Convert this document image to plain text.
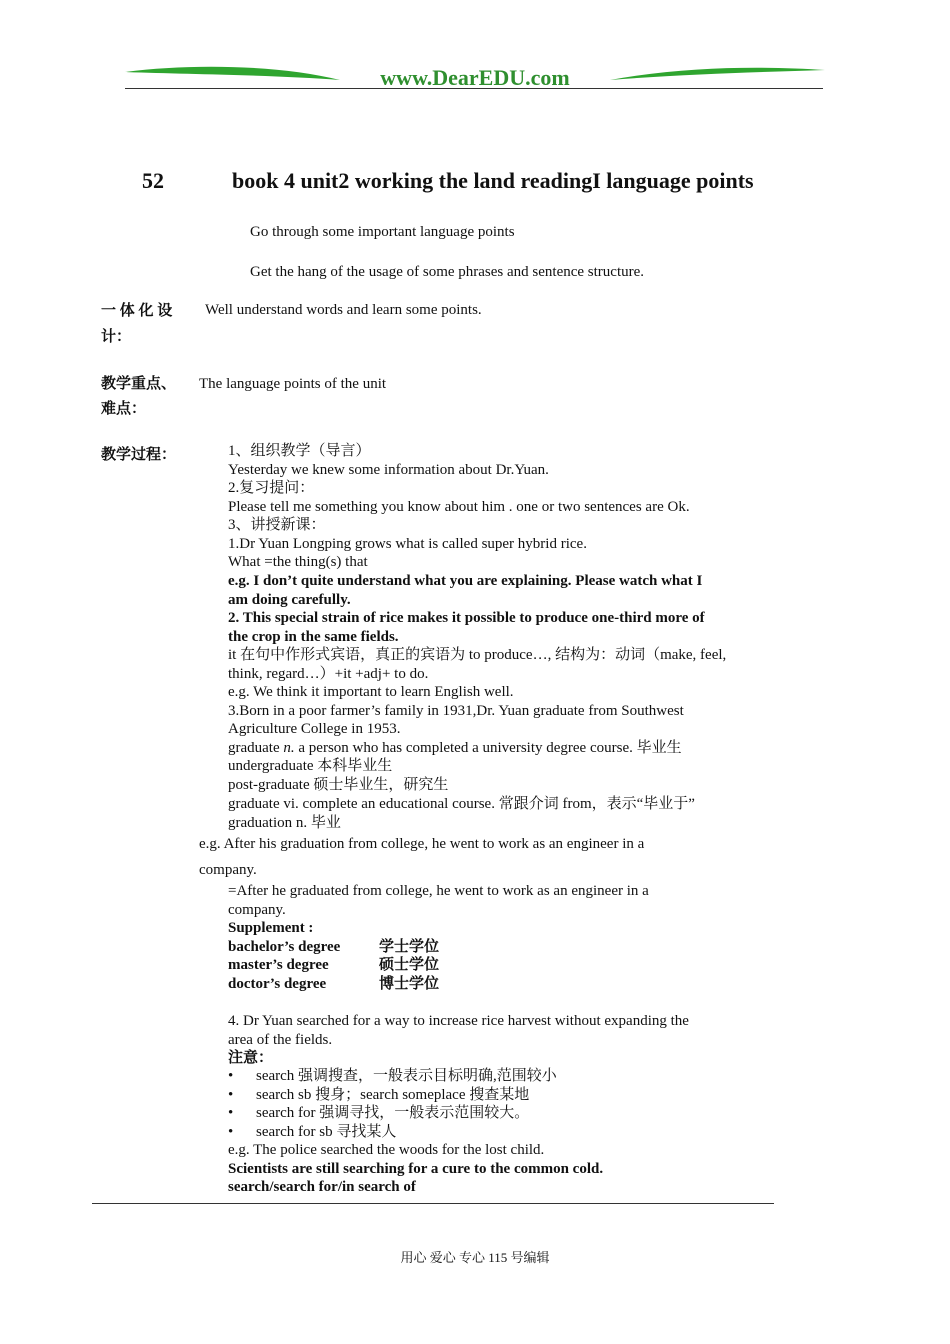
www.DearEDU.com
52	book 4 unit2 working the land readingI language points
Go through some important language points
Get the hang of the usage of some phrases and sentence structure.
一 体 化 设
计：
Well understand words and learn some points.
教学重点、
难点：
The language points of the unit
教学过程：	1、组织教学（导言）
Yesterday we knew some information about Dr.Yuan.
2.复习提问：
Please tell me something you know about him . one or two sentences are Ok.
3、讲授新课：
1.Dr Yuan Longping grows what is called super hybrid rice.
What =the thing(s) that
e.g. I don’t quite understand what you are explaining. Please watch what I
am doing carefully.
2. This special strain of rice makes it possible to produce one-third more of
the crop in the same fields.
it 在句中作形式宾语，真正的宾语为 to produce…, 结构为：动词（make, feel,
think, regard…）+it +adj+ to do.
e.g. We think it important to learn English well.
3.Born in a poor farmer’s family in 1931,Dr. Yuan graduate from Southwest
Agriculture College in 1953.
graduate n. a person who has completed a university degree course. 毕业生
undergraduate 本科毕业生
post-graduate 硕士毕业生，研究生
graduate vi. complete an educational course. 常跟介词 from，表示“毕业于”
graduation n. 毕业
e.g. After his graduation from college, he went to work as an engineer in a
company.
=After he graduated from college, he went to work as an engineer in a
company.
Supplement :
bachelor’s degree	学士学位
master’s degree	硕士学位
doctor’s degree	博士学位
4. Dr Yuan searched for a way to increase rice harvest without expanding the
area of the fields.
注意：
• search 强调搜查，一般表示目标明确,范围较小
• search sb 搜身；search someplace 搜查某地
• search for 强调寻找，一般表示范围较大。
• search for sb 寻找某人
e.g. The police searched the woods for the lost child.
Scientists are still searching for a cure to the common cold.
search/search for/in search of
用心 爱心 专心 115 号编辑
